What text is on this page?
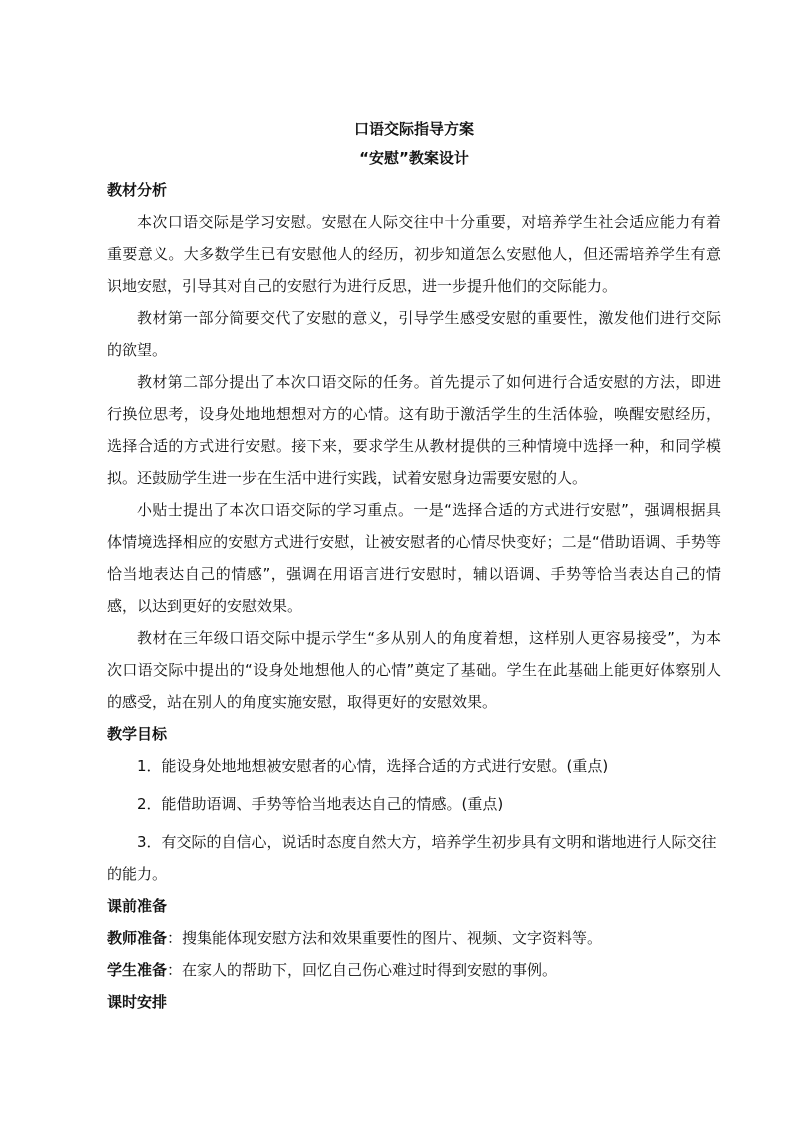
口语交际指导方案

“安慰”教案设计

教材分析

本次口语交际是学习安慰。安慰在人际交往中十分重要，对培养学生社会适应能力有着重要意义。大多数学生已有安慰他人的经历，初步知道怎么安慰他人，但还需培养学生有意识地安慰，引导其对自己的安慰行为进行反思，进一步提升他们的交际能力。

教材第一部分简要交代了安慰的意义，引导学生感受安慰的重要性，激发他们进行交际的欲望。

教材第二部分提出了本次口语交际的任务。首先提示了如何进行合适安慰的方法，即进行换位思考，设身处地地想想对方的心情。这有助于激活学生的生活体验，唤醒安慰经历，选择合适的方式进行安慰。接下来，要求学生从教材提供的三种情境中选择一种，和同学模拟。还鼓励学生进一步在生活中进行实践，试着安慰身边需要安慰的人。

小贴士提出了本次口语交际的学习重点。一是“选择合适的方式进行安慰”，强调根据具体情境选择相应的安慰方式进行安慰，让被安慰者的心情尽快变好；二是“借助语调、手势等恰当地表达自己的情感”，强调在用语言进行安慰时，辅以语调、手势等恰当表达自己的情感，以达到更好的安慰效果。

教材在三年级口语交际中提示学生“多从别人的角度着想，这样别人更容易接受”，为本次口语交际中提出的“设身处地想他人的心情”奠定了基础。学生在此基础上能更好体察别人的感受，站在别人的角度实施安慰，取得更好的安慰效果。

教学目标

1．能设身处地地想被安慰者的心情，选择合适的方式进行安慰。(重点)

2．能借助语调、手势等恰当地表达自己的情感。(重点)

3．有交际的自信心，说话时态度自然大方，培养学生初步具有文明和谐地进行人际交往的能力。

课前准备

教师准备：搜集能体现安慰方法和效果重要性的图片、视频、文字资料等。

学生准备：在家人的帮助下，回忆自己伤心难过时得到安慰的事例。

课时安排
